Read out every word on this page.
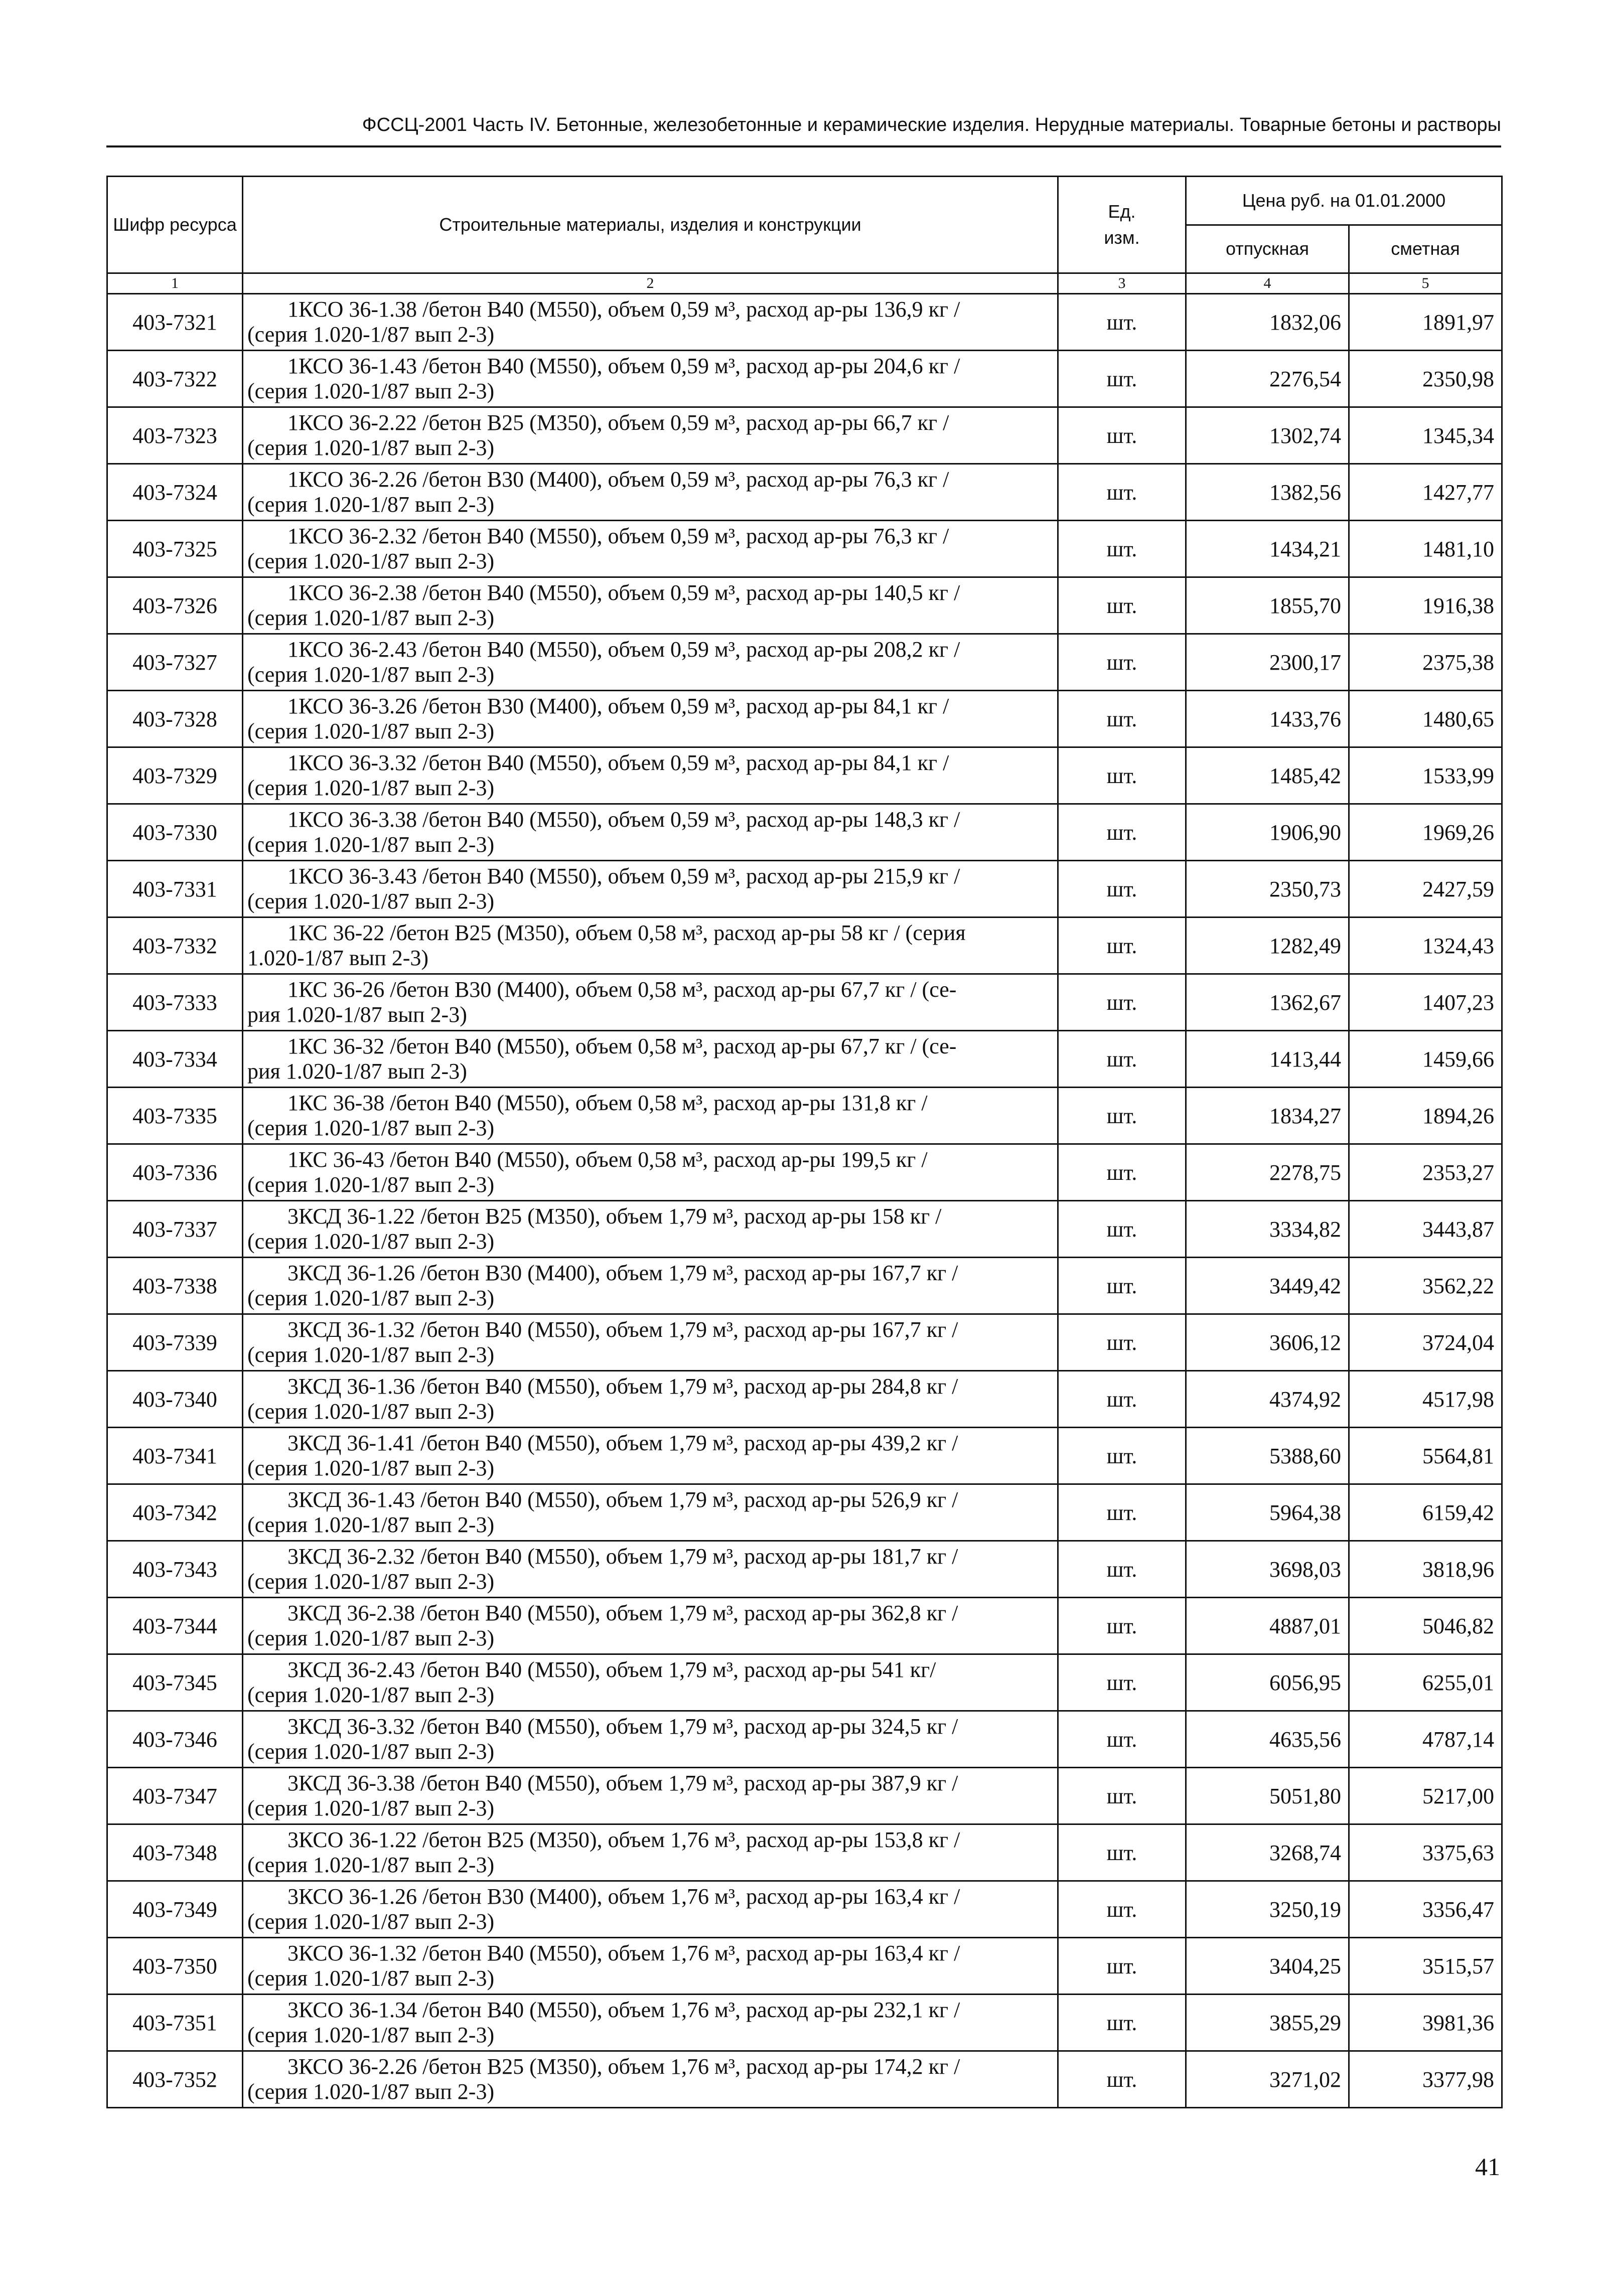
ФССЦ-2001 Часть IV. Бетонные, железобетонные и керамические изделия. Нерудные материалы. Товарные бетоны и растворы
Шифр ресурса	Строительные материалы, изделия и конструкции	Ед. изм.	Цена руб. на 01.01.2000	
			отпускная	сметная
1	2	3	4	5
403-7321	1КСО 36-1.38 /бетон В40 (М550), объем 0,59 м³, расход ар-ры 136,9 кг /
(серия 1.020-1/87 вып 2-3)	шт.	1832,06	1891,97
403-7322	1КСО 36-1.43 /бетон В40 (М550), объем 0,59 м³, расход ар-ры 204,6 кг /
(серия 1.020-1/87 вып 2-3)	шт.	2276,54	2350,98
403-7323	1КСО 36-2.22 /бетон В25 (М350), объем 0,59 м³, расход ар-ры 66,7 кг /
(серия 1.020-1/87 вып 2-3)	шт.	1302,74	1345,34
403-7324	1КСО 36-2.26 /бетон В30 (М400), объем 0,59 м³, расход ар-ры 76,3 кг /
(серия 1.020-1/87 вып 2-3)	шт.	1382,56	1427,77
403-7325	1КСО 36-2.32 /бетон В40 (М550), объем 0,59 м³, расход ар-ры 76,3 кг /
(серия 1.020-1/87 вып 2-3)	шт.	1434,21	1481,10
403-7326	1КСО 36-2.38 /бетон В40 (М550), объем 0,59 м³, расход ар-ры 140,5 кг /
(серия 1.020-1/87 вып 2-3)	шт.	1855,70	1916,38
403-7327	1КСО 36-2.43 /бетон В40 (М550), объем 0,59 м³, расход ар-ры 208,2 кг /
(серия 1.020-1/87 вып 2-3)	шт.	2300,17	2375,38
403-7328	1КСО 36-3.26 /бетон В30 (М400), объем 0,59 м³, расход ар-ры 84,1 кг /
(серия 1.020-1/87 вып 2-3)	шт.	1433,76	1480,65
403-7329	1КСО 36-3.32 /бетон В40 (М550), объем 0,59 м³, расход ар-ры 84,1 кг /
(серия 1.020-1/87 вып 2-3)	шт.	1485,42	1533,99
403-7330	1КСО 36-3.38 /бетон В40 (М550), объем 0,59 м³, расход ар-ры 148,3 кг /
(серия 1.020-1/87 вып 2-3)	шт.	1906,90	1969,26
403-7331	1КСО 36-3.43 /бетон В40 (М550), объем 0,59 м³, расход ар-ры 215,9 кг /
(серия 1.020-1/87 вып 2-3)	шт.	2350,73	2427,59
403-7332	1КС 36-22 /бетон В25 (М350), объем 0,58 м³, расход ар-ры 58 кг / (серия
1.020-1/87 вып 2-3)	шт.	1282,49	1324,43
403-7333	1КС 36-26 /бетон В30 (М400), объем 0,58 м³, расход ар-ры 67,7 кг / (се-
рия 1.020-1/87 вып 2-3)	шт.	1362,67	1407,23
403-7334	1КС 36-32 /бетон В40 (М550), объем 0,58 м³, расход ар-ры 67,7 кг / (се-
рия 1.020-1/87 вып 2-3)	шт.	1413,44	1459,66
403-7335	1КС 36-38 /бетон В40 (М550), объем 0,58 м³, расход ар-ры 131,8 кг /
(серия 1.020-1/87 вып 2-3)	шт.	1834,27	1894,26
403-7336	1КС 36-43 /бетон В40 (М550), объем 0,58 м³, расход ар-ры 199,5 кг /
(серия 1.020-1/87 вып 2-3)	шт.	2278,75	2353,27
403-7337	3КСД 36-1.22 /бетон В25 (М350), объем 1,79 м³, расход ар-ры 158 кг /
(серия 1.020-1/87 вып 2-3)	шт.	3334,82	3443,87
403-7338	3КСД 36-1.26 /бетон В30 (М400), объем 1,79 м³, расход ар-ры 167,7 кг /
(серия 1.020-1/87 вып 2-3)	шт.	3449,42	3562,22
403-7339	3КСД 36-1.32 /бетон В40 (М550), объем 1,79 м³, расход ар-ры 167,7 кг /
(серия 1.020-1/87 вып 2-3)	шт.	3606,12	3724,04
403-7340	3КСД 36-1.36 /бетон В40 (М550), объем 1,79 м³, расход ар-ры 284,8 кг /
(серия 1.020-1/87 вып 2-3)	шт.	4374,92	4517,98
403-7341	3КСД 36-1.41 /бетон В40 (М550), объем 1,79 м³, расход ар-ры 439,2 кг /
(серия 1.020-1/87 вып 2-3)	шт.	5388,60	5564,81
403-7342	3КСД 36-1.43 /бетон В40 (М550), объем 1,79 м³, расход ар-ры 526,9 кг /
(серия 1.020-1/87 вып 2-3)	шт.	5964,38	6159,42
403-7343	3КСД 36-2.32 /бетон В40 (М550), объем 1,79 м³, расход ар-ры 181,7 кг /
(серия 1.020-1/87 вып 2-3)	шт.	3698,03	3818,96
403-7344	3КСД 36-2.38 /бетон В40 (М550), объем 1,79 м³, расход ар-ры 362,8 кг /
(серия 1.020-1/87 вып 2-3)	шт.	4887,01	5046,82
403-7345	3КСД 36-2.43 /бетон В40 (М550), объем 1,79 м³, расход ар-ры 541 кг/
(серия 1.020-1/87 вып 2-3)	шт.	6056,95	6255,01
403-7346	3КСД 36-3.32 /бетон В40 (М550), объем 1,79 м³, расход ар-ры 324,5 кг /
(серия 1.020-1/87 вып 2-3)	шт.	4635,56	4787,14
403-7347	3КСД 36-3.38 /бетон В40 (М550), объем 1,79 м³, расход ар-ры 387,9 кг /
(серия 1.020-1/87 вып 2-3)	шт.	5051,80	5217,00
403-7348	3КСО 36-1.22 /бетон В25 (М350), объем 1,76 м³, расход ар-ры 153,8 кг /
(серия 1.020-1/87 вып 2-3)	шт.	3268,74	3375,63
403-7349	3КСО 36-1.26 /бетон В30 (М400), объем 1,76 м³, расход ар-ры 163,4 кг /
(серия 1.020-1/87 вып 2-3)	шт.	3250,19	3356,47
403-7350	3КСО 36-1.32 /бетон В40 (М550), объем 1,76 м³, расход ар-ры 163,4 кг /
(серия 1.020-1/87 вып 2-3)	шт.	3404,25	3515,57
403-7351	3КСО 36-1.34 /бетон В40 (М550), объем 1,76 м³, расход ар-ры 232,1 кг /
(серия 1.020-1/87 вып 2-3)	шт.	3855,29	3981,36
403-7352	3КСО 36-2.26 /бетон В25 (М350), объем 1,76 м³, расход ар-ры 174,2 кг /
(серия 1.020-1/87 вып 2-3)	шт.	3271,02	3377,98
41
